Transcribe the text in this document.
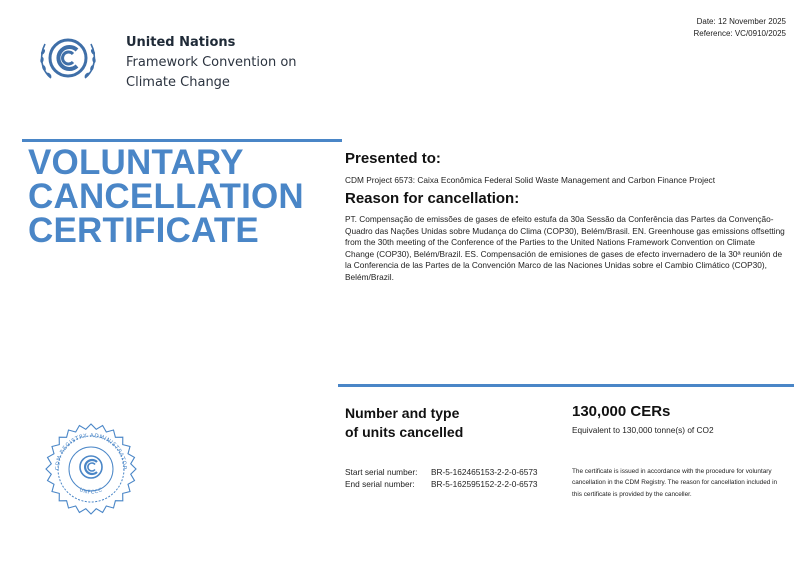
United Nations
Framework Convention on
Climate Change
Date: 12 November 2025
Reference: VC/0910/2025
VOLUNTARY
CANCELLATION
CERTIFICATE
Presented to:
CDM Project 6573: Caixa Econômica Federal Solid Waste Management and Carbon Finance Project
Reason for cancellation:
PT. Compensação de emissões de gases de efeito estufa da 30a Sessão da Conferência das Partes da Convenção-Quadro das Nações Unidas sobre Mudança do Clima (COP30), Belém/Brasil. EN. Greenhouse gas emissions offsetting from the 30th meeting of the Conference of the Parties to the United Nations Framework Convention on Climate Change (COP30), Belém/Brazil. ES. Compensación de emisiones de gases de efecto invernadero de la 30ª reunión de la Conferencia de las Partes de la Convención Marco de las Naciones Unidas sobre el Cambio Climático (COP30), Belém/Brazil.
Number and type
of units cancelled
130,000 CERs
Equivalent to 130,000 tonne(s) of CO2
Start serial number: BR-5-162465153-2-2-0-6573
End serial number: BR-5-162595152-2-2-0-6573
The certificate is issued in accordance with the procedure for voluntary cancellation in the CDM Registry. The reason for cancellation included in this certificate is provided by the canceller.
CDM REGISTRY ADMINISTRATOR
UNFCCC
